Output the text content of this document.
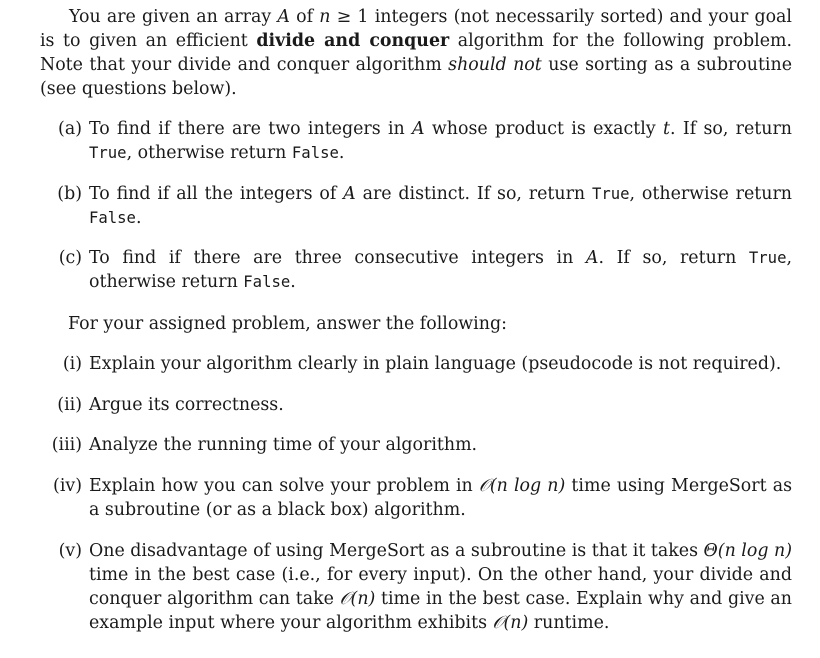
You are given an array A of n ≥ 1 integers (not necessarily sorted) and your goal is to given an efficient divide and conquer algorithm for the following problem. Note that your divide and conquer algorithm should not use sorting as a subroutine (see questions below).

(a) To find if there are two integers in A whose product is exactly t. If so, return True, otherwise return False.

(b) To find if all the integers of A are distinct. If so, return True, otherwise return False.

(c) To find if there are three consecutive integers in A. If so, return True, otherwise return False.

For your assigned problem, answer the following:

(i) Explain your algorithm clearly in plain language (pseudocode is not required).

(ii) Argue its correctness.

(iii) Analyze the running time of your algorithm.

(iv) Explain how you can solve your problem in 𝒪(n log n) time using MergeSort as a subroutine (or as a black box) algorithm.

(v) One disadvantage of using MergeSort as a subroutine is that it takes Θ(n log n) time in the best case (i.e., for every input). On the other hand, your divide and conquer algorithm can take 𝒪(n) time in the best case. Explain why and give an example input where your algorithm exhibits 𝒪(n) runtime.
